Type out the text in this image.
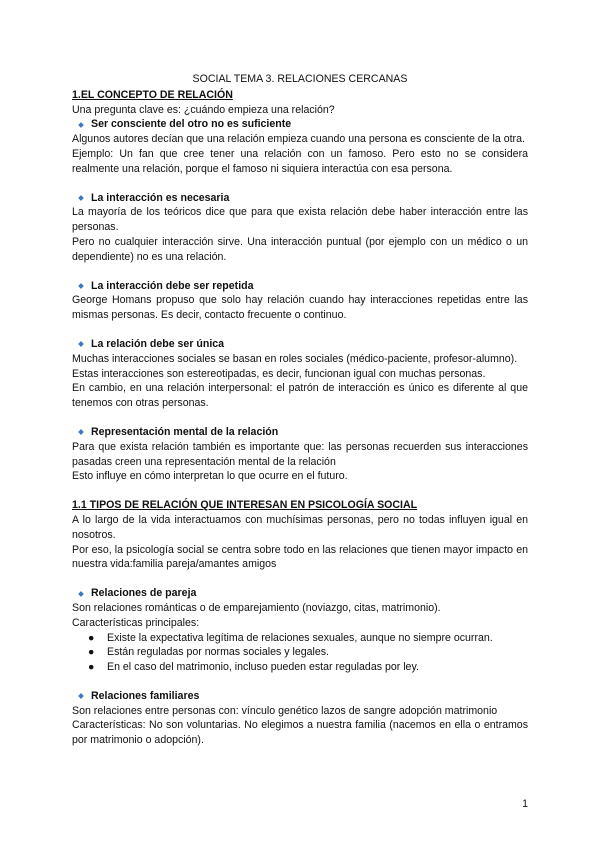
SOCIAL TEMA 3. RELACIONES CERCANAS

1.EL CONCEPTO DE RELACIÓN

Una pregunta clave es: ¿cuándo empieza una relación?

Ser consciente del otro no es suficiente

Algunos autores decían que una relación empieza cuando una persona es consciente de la otra.

Ejemplo: Un fan que cree tener una relación con un famoso. Pero esto no se considera realmente una relación, porque el famoso ni siquiera interactúa con esa persona.

La interacción es necesaria

La mayoría de los teóricos dice que para que exista relación debe haber interacción entre las personas.

Pero no cualquier interacción sirve. Una interacción puntual (por ejemplo con un médico o un dependiente) no es una relación.

La interacción debe ser repetida

George Homans propuso que solo hay relación cuando hay interacciones repetidas entre las mismas personas. Es decir, contacto frecuente o continuo.

La relación debe ser única

Muchas interacciones sociales se basan en roles sociales (médico-paciente, profesor-alumno).

Estas interacciones son estereotipadas, es decir, funcionan igual con muchas personas.

En cambio, en una relación interpersonal: el patrón de interacción es único es diferente al que tenemos con otras personas.

Representación mental de la relación

Para que exista relación también es importante que: las personas recuerden sus interacciones pasadas creen una representación mental de la relación

Esto influye en cómo interpretan lo que ocurre en el futuro.

1.1 TIPOS DE RELACIÓN QUE INTERESAN EN PSICOLOGÍA SOCIAL

A lo largo de la vida interactuamos con muchísimas personas, pero no todas influyen igual en nosotros.

Por eso, la psicología social se centra sobre todo en las relaciones que tienen mayor impacto en nuestra vida:familia pareja/amantes amigos

Relaciones de pareja

Son relaciones románticas o de emparejamiento (noviazgo, citas, matrimonio).

Características principales:

●	Existe la expectativa legítima de relaciones sexuales, aunque no siempre ocurran.
●	Están reguladas por normas sociales y legales.
●	En el caso del matrimonio, incluso pueden estar reguladas por ley.
Relaciones familiares

Son relaciones entre personas con: vínculo genético lazos de sangre adopción matrimonio

Características: No son voluntarias. No elegimos a nuestra familia (nacemos en ella o entramos por matrimonio o adopción).

1
